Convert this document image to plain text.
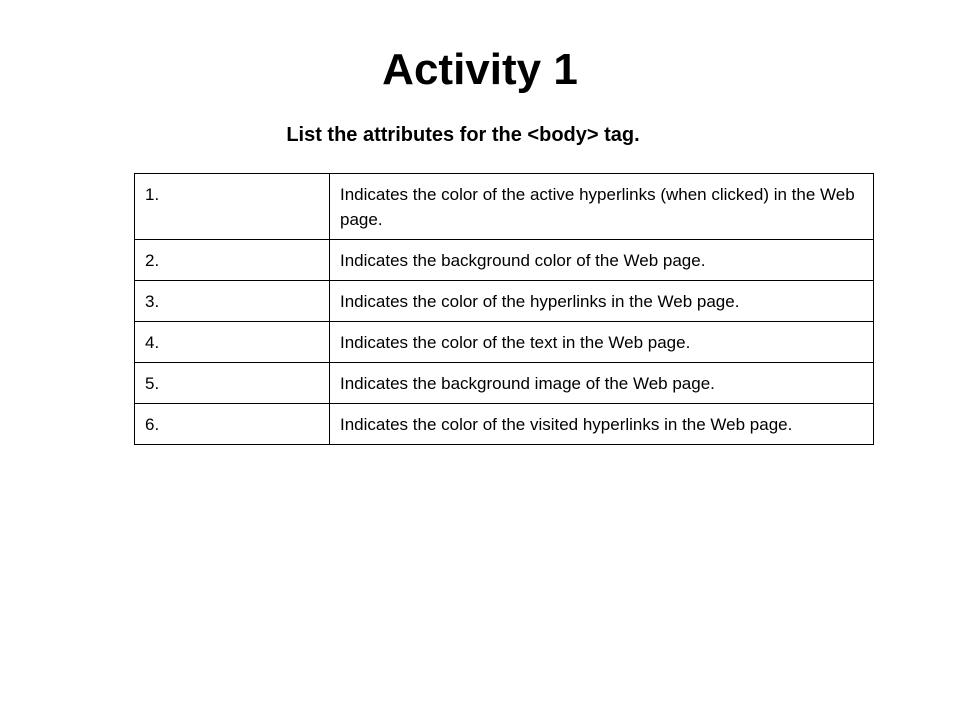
Activity 1

List the attributes for the <body> tag.

1.	Indicates the color of the active hyperlinks (when clicked) in the Web page.
2.	Indicates the background color of the Web page.
3.	Indicates the color of the hyperlinks in the Web page.
4.	Indicates the color of the text in the Web page.
5.	Indicates the background image of the Web page.
6.	Indicates the color of the visited hyperlinks in the Web page.
